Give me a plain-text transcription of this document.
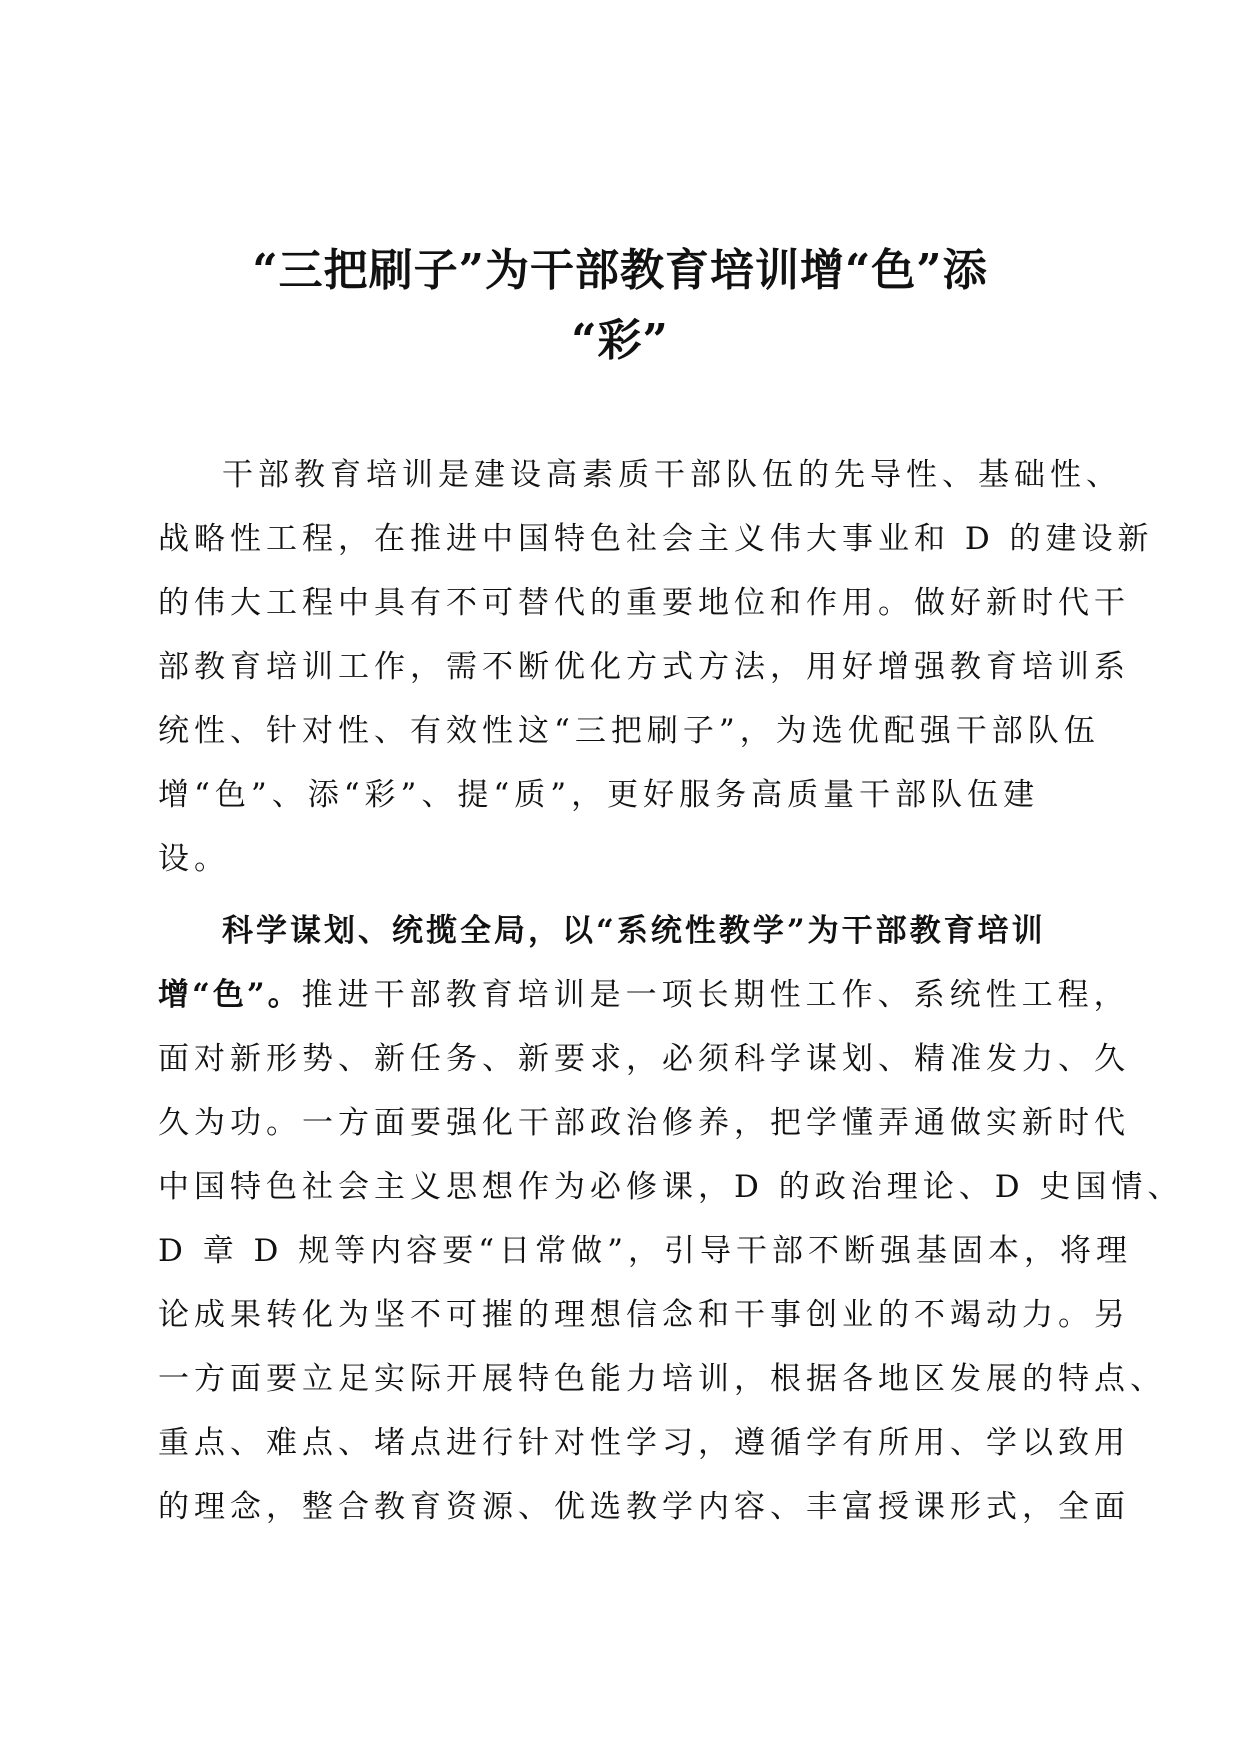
“三把刷子”为干部教育培训增“色”添
“彩”
干部教育培训是建设高素质干部队伍的先导性、基础性、
战略性工程，在推进中国特色社会主义伟大事业和 D 的建设新
的伟大工程中具有不可替代的重要地位和作用。做好新时代干
部教育培训工作，需不断优化方式方法，用好增强教育培训系
统性、针对性、有效性这“三把刷子”，为选优配强干部队伍
增“色”、添“彩”、提“质”，更好服务高质量干部队伍建
设。
科学谋划、统揽全局，以“系统性教学”为干部教育培训
增“色”。推进干部教育培训是一项长期性工作、系统性工程，
面对新形势、新任务、新要求，必须科学谋划、精准发力、久
久为功。一方面要强化干部政治修养，把学懂弄通做实新时代
中国特色社会主义思想作为必修课，D 的政治理论、D 史国情、
D 章 D 规等内容要“日常做”，引导干部不断强基固本，将理
论成果转化为坚不可摧的理想信念和干事创业的不竭动力。另
一方面要立足实际开展特色能力培训，根据各地区发展的特点、
重点、难点、堵点进行针对性学习，遵循学有所用、学以致用
的理念，整合教育资源、优选教学内容、丰富授课形式，全面
